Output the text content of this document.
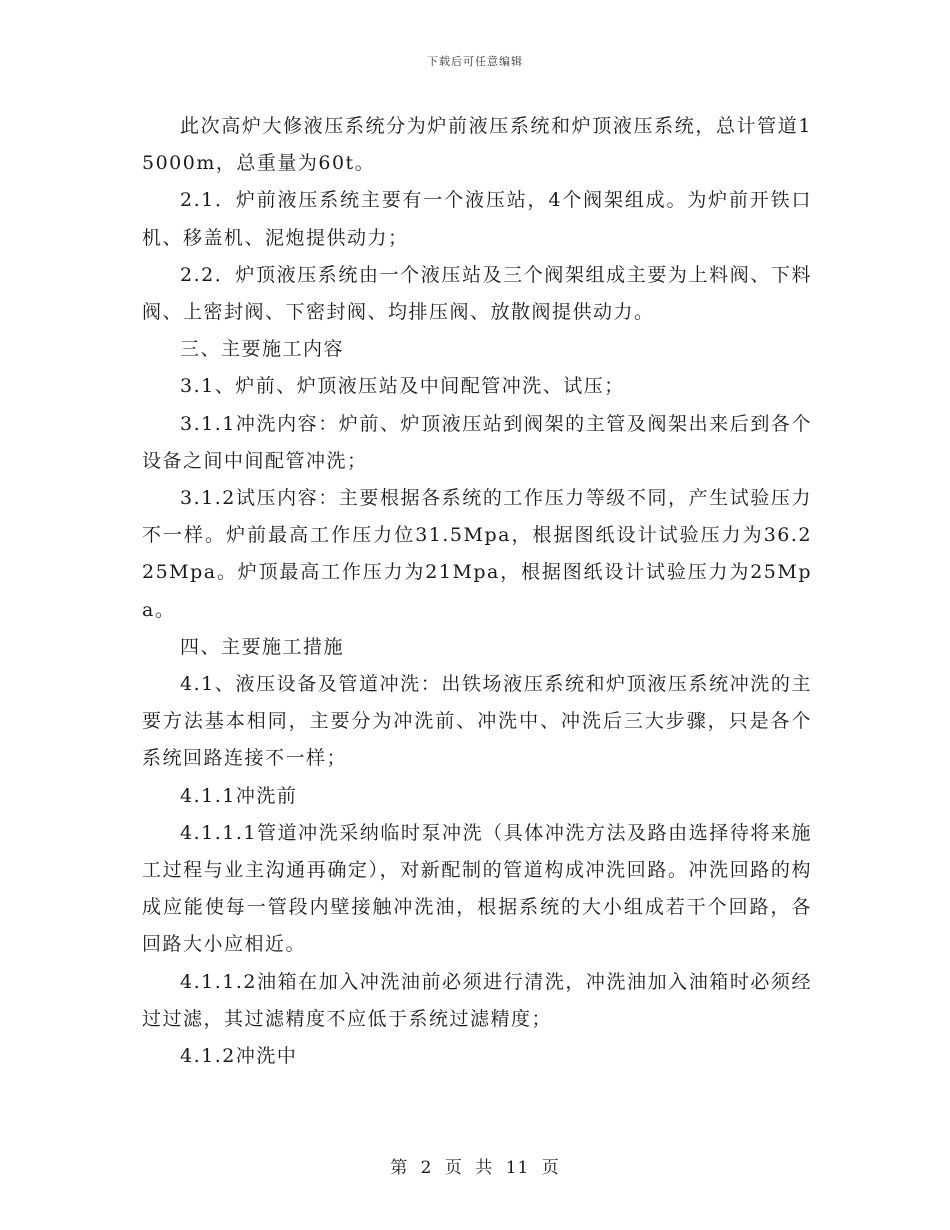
下载后可任意编辑

此次高炉大修液压系统分为炉前液压系统和炉顶液压系统，总计管道15000m，总重量为60t。

2.1．炉前液压系统主要有一个液压站，4个阀架组成。为炉前开铁口机、移盖机、泥炮提供动力；

2.2．炉顶液压系统由一个液压站及三个阀架组成主要为上料阀、下料阀、上密封阀、下密封阀、均排压阀、放散阀提供动力。

三、主要施工内容

3.1、炉前、炉顶液压站及中间配管冲洗、试压；

3.1.1冲洗内容：炉前、炉顶液压站到阀架的主管及阀架出来后到各个设备之间中间配管冲洗；

3.1.2试压内容：主要根据各系统的工作压力等级不同，产生试验压力不一样。炉前最高工作压力位31.5Mpa，根据图纸设计试验压力为36.225Mpa。炉顶最高工作压力为21Mpa，根据图纸设计试验压力为25Mpa。

四、主要施工措施

4.1、液压设备及管道冲洗：出铁场液压系统和炉顶液压系统冲洗的主要方法基本相同，主要分为冲洗前、冲洗中、冲洗后三大步骤，只是各个系统回路连接不一样；

4.1.1冲洗前

4.1.1.1管道冲洗采纳临时泵冲洗（具体冲洗方法及路由选择待将来施工过程与业主沟通再确定），对新配制的管道构成冲洗回路。冲洗回路的构成应能使每一管段内壁接触冲洗油，根据系统的大小组成若干个回路，各回路大小应相近。

4.1.1.2油箱在加入冲洗油前必须进行清洗，冲洗油加入油箱时必须经过过滤，其过滤精度不应低于系统过滤精度；

4.1.2冲洗中

第 2 页 共 11 页
